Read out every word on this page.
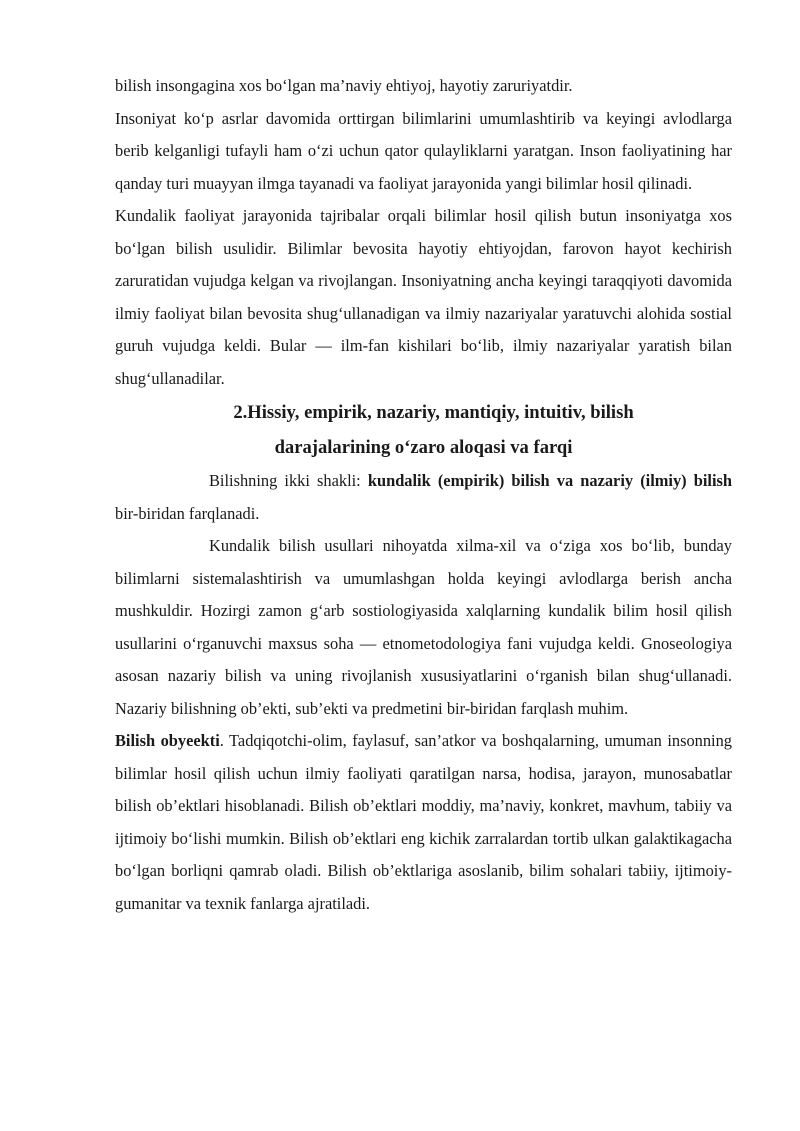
bilish insongagina xos bo‘lgan ma’naviy ehtiyoj, hayotiy zaruriyatdir.

Insoniyat ko‘p asrlar davomida orttirgan bilimlarini umumlashtirib va keyingi avlodlarga berib kelganligi tufayli ham o‘zi uchun qator qulayliklarni yaratgan. Inson faoliyatining har qanday turi muayyan ilmga tayanadi va faoliyat jarayonida yangi bilimlar hosil qilinadi.

Kundalik faoliyat jarayonida tajribalar orqali bilimlar hosil qilish butun insoniyatga xos bo‘lgan bilish usulidir. Bilimlar bevosita hayotiy ehtiyojdan, farovon hayot kechirish zaruratidan vujudga kelgan va rivojlangan. Insoniyatning ancha keyingi taraqqiyoti davomida ilmiy faoliyat bilan bevosita shug‘ullanadigan va ilmiy nazariyalar yaratuvchi alohida sostial guruh vujudga keldi. Bular — ilm-fan kishilari bo‘lib, ilmiy nazariyalar yaratish bilan shug‘ullanadilar.

2.Hissiy, empirik, nazariy, mantiqiy, intuitiv, bilish
darajalarining o‘zaro aloqasi va farqi

Bilishning ikki shakli: kundalik (empirik) bilish va nazariy (ilmiy) bilish bir-biridan farqlanadi.

Kundalik bilish usullari nihoyatda xilma-xil va o‘ziga xos bo‘lib, bunday bilimlarni sistemalashtirish va umumlashgan holda keyingi avlodlarga berish ancha mushkuldir. Hozirgi zamon g‘arb sostiologiyasida xalqlarning kundalik bilim hosil qilish usullarini o‘rganuvchi maxsus soha — etnometodologiya fani vujudga keldi. Gnoseologiya asosan nazariy bilish va uning rivojlanish xususiyatlarini o‘rganish bilan shug‘ullanadi. Nazariy bilishning ob’ekti, sub’ekti va predmetini bir-biridan farqlash muhim.

Bilish obyeekti. Tadqiqotchi-olim, faylasuf, san’atkor va boshqalarning, umuman insonning bilimlar hosil qilish uchun ilmiy faoliyati qaratilgan narsa, hodisa, jarayon, munosabatlar bilish ob’ektlari hisoblanadi. Bilish ob’ektlari moddiy, ma’naviy, konkret, mavhum, tabiiy va ijtimoiy bo‘lishi mumkin. Bilish ob’ektlari eng kichik zarralardan tortib ulkan galaktikagacha bo‘lgan borliqni qamrab oladi. Bilish ob’ektlariga asoslanib, bilim sohalari tabiiy, ijtimoiy-gumanitar va texnik fanlarga ajratiladi.
